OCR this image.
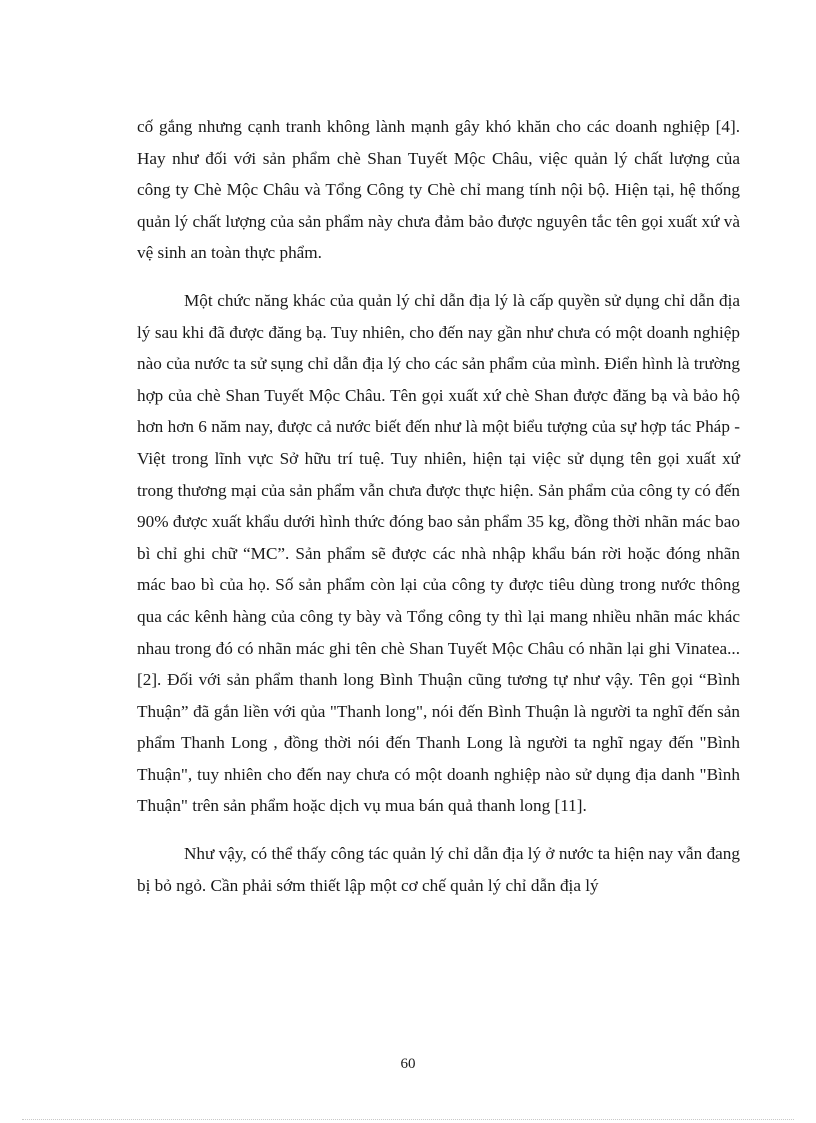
cố gắng nhưng cạnh tranh không lành mạnh gây khó khăn cho các doanh nghiệp [4]. Hay như đối với sản phẩm chè Shan Tuyết Mộc Châu, việc quản lý chất lượng của công ty Chè Mộc Châu và Tổng Công ty Chè chỉ mang tính nội bộ. Hiện tại, hệ thống quản lý chất lượng của sản phẩm này chưa đảm bảo được nguyên tắc tên gọi xuất xứ và vệ sinh an toàn thực phẩm.

Một chức năng khác của quản lý chỉ dẫn địa lý là cấp quyền sử dụng chỉ dẫn địa lý sau khi đã được đăng bạ. Tuy nhiên, cho đến nay gần như chưa có một doanh nghiệp nào của nước ta sử sụng chỉ dẫn địa lý cho các sản phẩm của mình. Điển hình là trường hợp của chè Shan Tuyết Mộc Châu. Tên gọi xuất xứ chè Shan được đăng bạ và bảo hộ hơn hơn 6 năm nay, được cả nước biết đến như là một biểu tượng của sự hợp tác Pháp - Việt trong lĩnh vực Sở hữu trí tuệ. Tuy nhiên, hiện tại việc sử dụng tên gọi xuất xứ trong thương mại của sản phẩm vẫn chưa được thực hiện. Sản phẩm của công ty có đến 90% được xuất khẩu dưới hình thức đóng bao sản phẩm 35 kg, đồng thời nhãn mác bao bì chỉ ghi chữ “MC”. Sản phẩm sẽ được các nhà nhập khẩu bán rời hoặc đóng nhãn mác bao bì của họ. Số sản phẩm còn lại của công ty được tiêu dùng trong nước thông qua các kênh hàng của công ty bày và Tổng công ty thì lại mang nhiều nhãn mác khác nhau trong đó có nhãn mác ghi tên chè Shan Tuyết Mộc Châu có nhãn lại ghi Vinatea...[2]. Đối với sản phẩm thanh long Bình Thuận cũng tương tự như vậy. Tên gọi “Bình Thuận” đã gắn liền với qủa "Thanh long", nói đến Bình Thuận là người ta nghĩ đến sản phẩm Thanh Long , đồng thời nói đến Thanh Long là người ta nghĩ ngay đến "Bình Thuận", tuy nhiên cho đến nay chưa có một doanh nghiệp nào sử dụng địa danh "Bình Thuận" trên sản phẩm hoặc dịch vụ mua bán quả thanh long [11].

Như vậy, có thể thấy công tác quản lý chỉ dẫn địa lý ở nước ta hiện nay vẫn đang bị bỏ ngỏ. Cần phải sớm thiết lập một cơ chế quản lý chỉ dẫn địa lý

60
